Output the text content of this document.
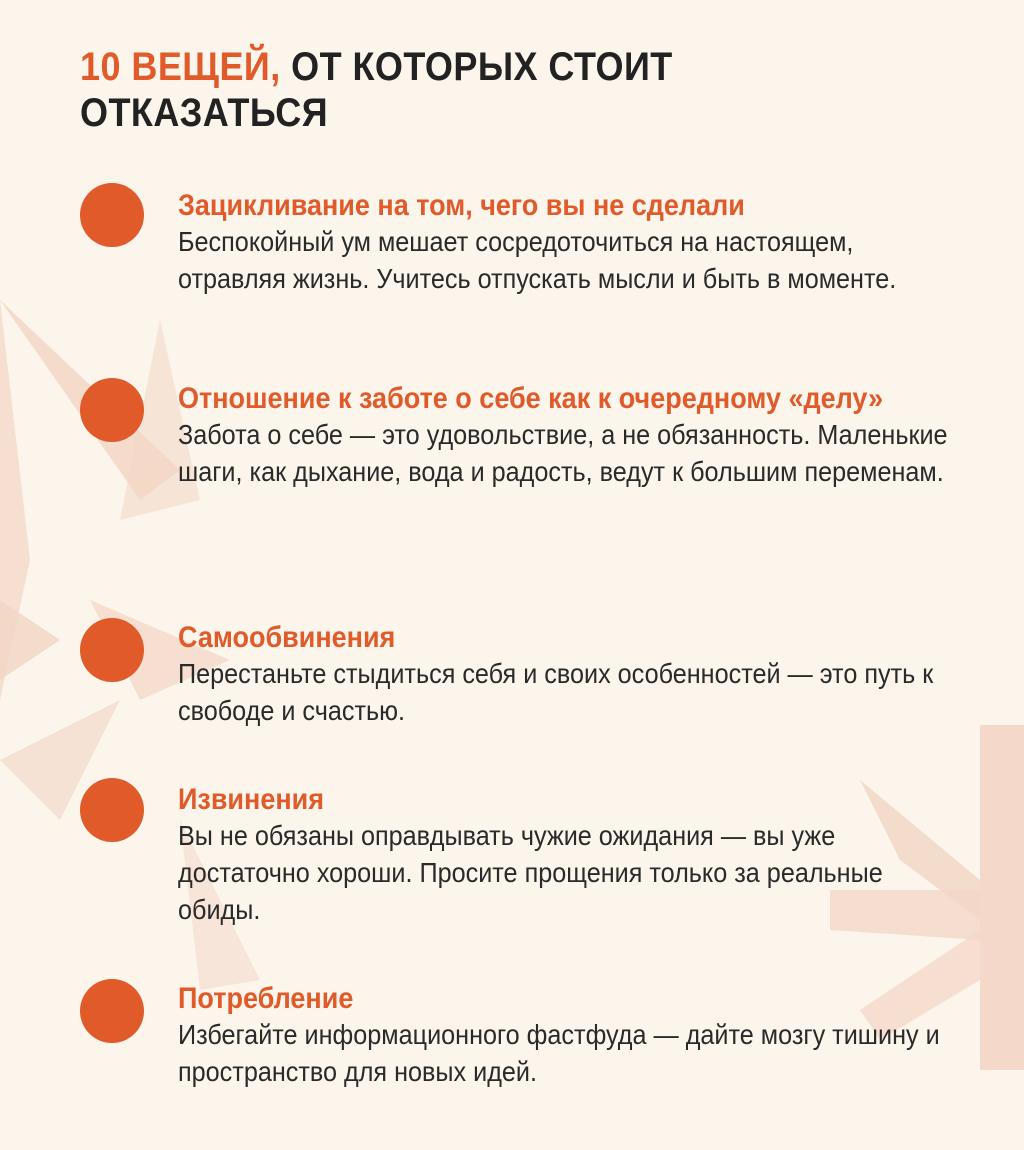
10 ВЕЩЕЙ, ОТ КОТОРЫХ СТОИТ
ОТКАЗАТЬСЯ
Зацикливание на том, чего вы не сделали
Беспокойный ум мешает сосредоточиться на настоящем, отравляя жизнь. Учитесь отпускать мысли и быть в моменте.
Отношение к заботе о себе как к очередному «делу»
Забота о себе — это удовольствие, а не обязанность. Маленькие шаги, как дыхание, вода и радость, ведут к большим переменам.
Самообвинения
Перестаньте стыдиться себя и своих особенностей — это путь к свободе и счастью.
Извинения
Вы не обязаны оправдывать чужие ожидания — вы уже достаточно хороши. Просите прощения только за реальные обиды.
Потребление
Избегайте информационного фастфуда — дайте мозгу тишину и пространство для новых идей.
